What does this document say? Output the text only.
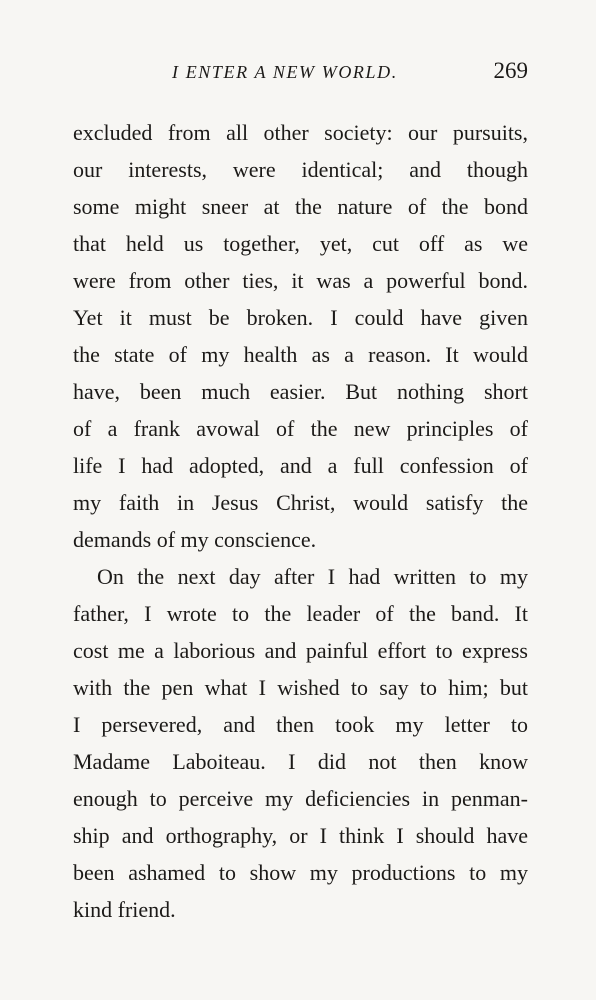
I ENTER A NEW WORLD.	269
excluded from all other society: our pursuits,
our interests, were identical; and though
some might sneer at the nature of the bond
that held us together, yet, cut off as we
were from other ties, it was a powerful bond.
Yet it must be broken. I could have given
the state of my health as a reason. It would
have, been much easier. But nothing short
of a frank avowal of the new principles of
life I had adopted, and a full confession of
my faith in Jesus Christ, would satisfy the
demands of my conscience.
On the next day after I had written to my
father, I wrote to the leader of the band. It
cost me a laborious and painful effort to express
with the pen what I wished to say to him; but
I persevered, and then took my letter to
Madame Laboiteau. I did not then know
enough to perceive my deficiencies in penman-
ship and orthography, or I think I should have
been ashamed to show my productions to my
kind friend.
